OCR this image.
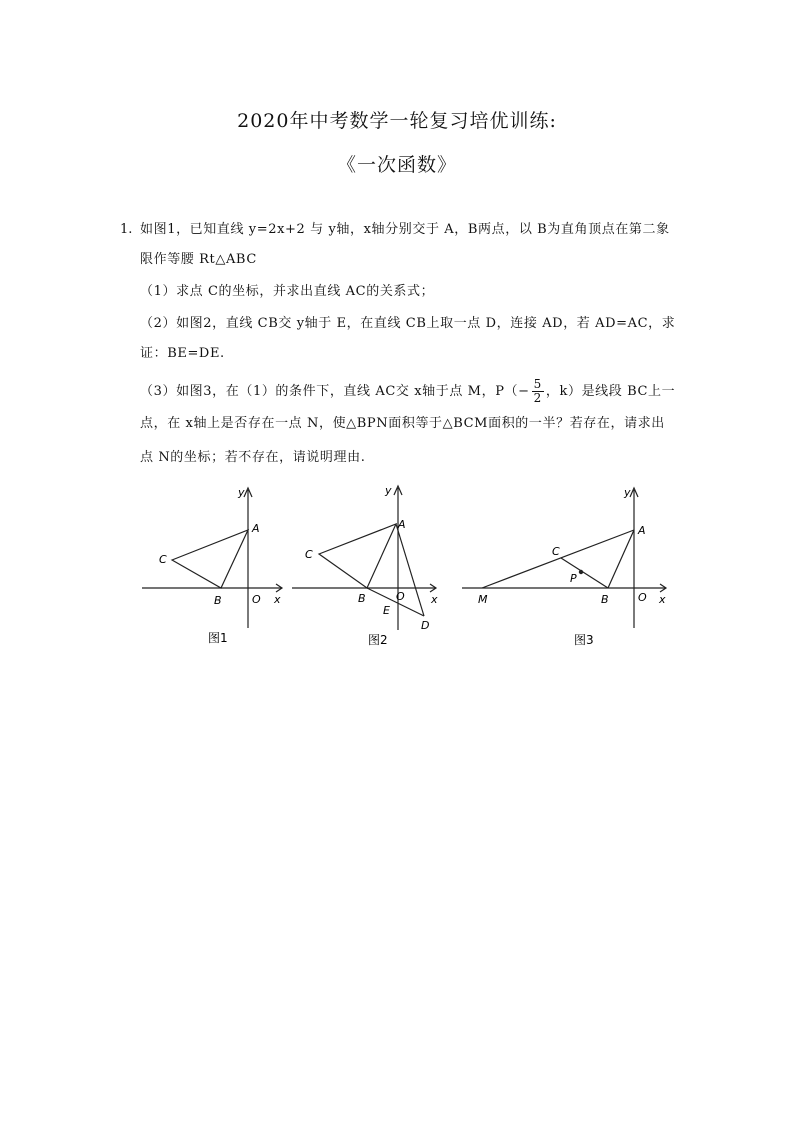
2020年中考数学一轮复习培优训练:
《一次函数》
1. 如图1，已知直线 y=2x+2 与 y轴，x轴分别交于 A，B两点，以 B为直角顶点在第二象
限作等腰 Rt△ABC
（1）求点 C的坐标，并求出直线 AC的关系式；
（2）如图2，直线 CB交 y轴于 E，在直线 CB上取一点 D，连接 AD，若 AD=AC，求
证：BE=DE.
（3）如图3，在（1）的条件下，直线 AC交 x轴于点 M，$P(- \frac{5}{2}$ ，k）是线段 BC上一
点，在 x轴上是否存在一点 N，使△BPN面积等于△BCM面积的一半？若存在，请求出
点 N的坐标；若不存在，请说明理由.
A
B
C
O x
y
图1
A
B
C
D
E
O x
y
图2
A
B
C
M
P
O x
y
图3
